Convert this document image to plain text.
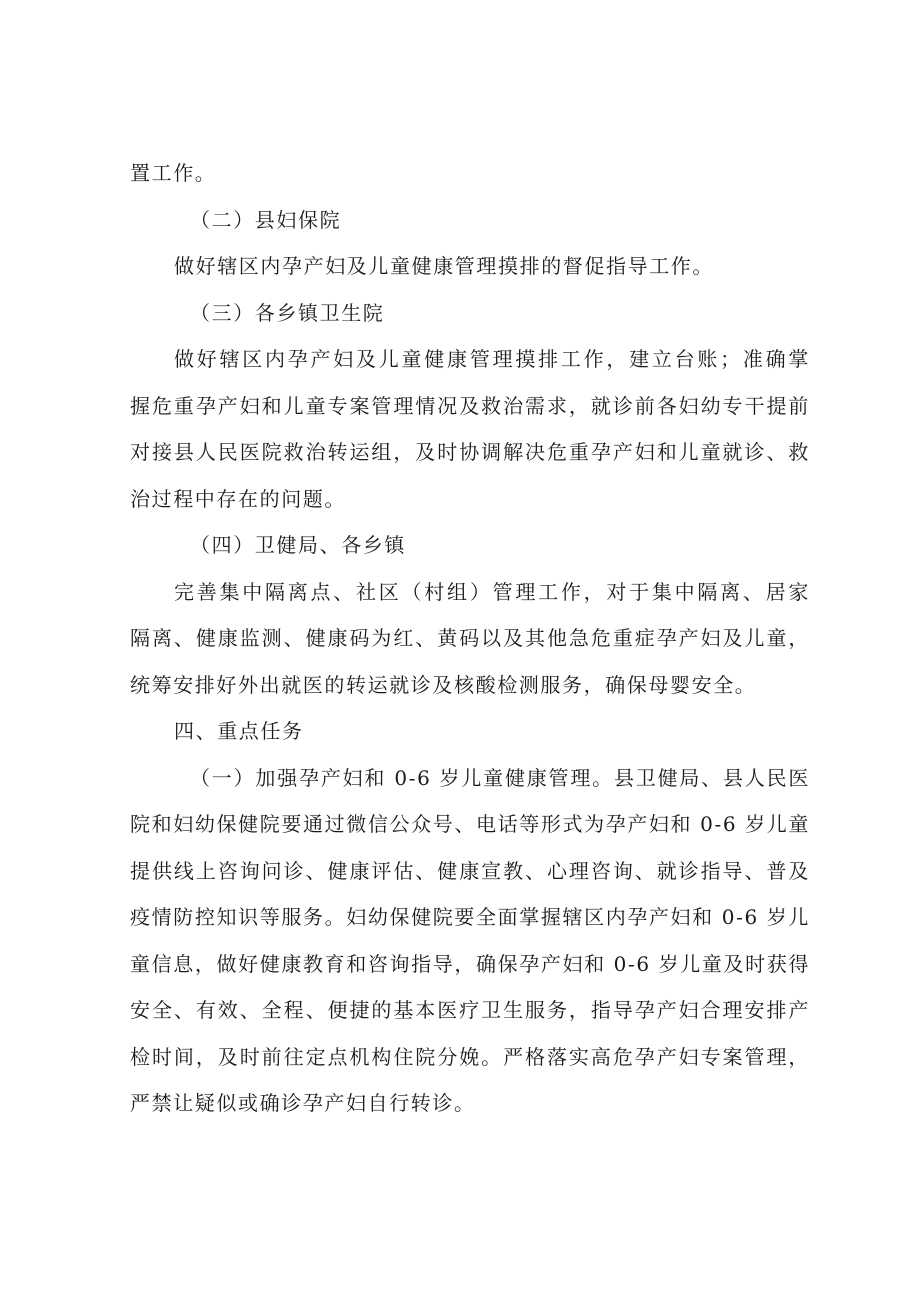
置工作。
（二）县妇保院
做好辖区内孕产妇及儿童健康管理摸排的督促指导工作。
（三）各乡镇卫生院
做好辖区内孕产妇及儿童健康管理摸排工作，建立台账；准确掌
握危重孕产妇和儿童专案管理情况及救治需求，就诊前各妇幼专干提前
对接县人民医院救治转运组，及时协调解决危重孕产妇和儿童就诊、救
治过程中存在的问题。
（四）卫健局、各乡镇
完善集中隔离点、社区（村组）管理工作，对于集中隔离、居家
隔离、健康监测、健康码为红、黄码以及其他急危重症孕产妇及儿童，
统筹安排好外出就医的转运就诊及核酸检测服务，确保母婴安全。
四、重点任务
（一）加强孕产妇和 0-6 岁儿童健康管理。县卫健局、县人民医
院和妇幼保健院要通过微信公众号、电话等形式为孕产妇和 0-6 岁儿童
提供线上咨询问诊、健康评估、健康宣教、心理咨询、就诊指导、普及
疫情防控知识等服务。妇幼保健院要全面掌握辖区内孕产妇和 0-6 岁儿
童信息，做好健康教育和咨询指导，确保孕产妇和 0-6 岁儿童及时获得
安全、有效、全程、便捷的基本医疗卫生服务，指导孕产妇合理安排产
检时间，及时前往定点机构住院分娩。严格落实高危孕产妇专案管理，
严禁让疑似或确诊孕产妇自行转诊。
